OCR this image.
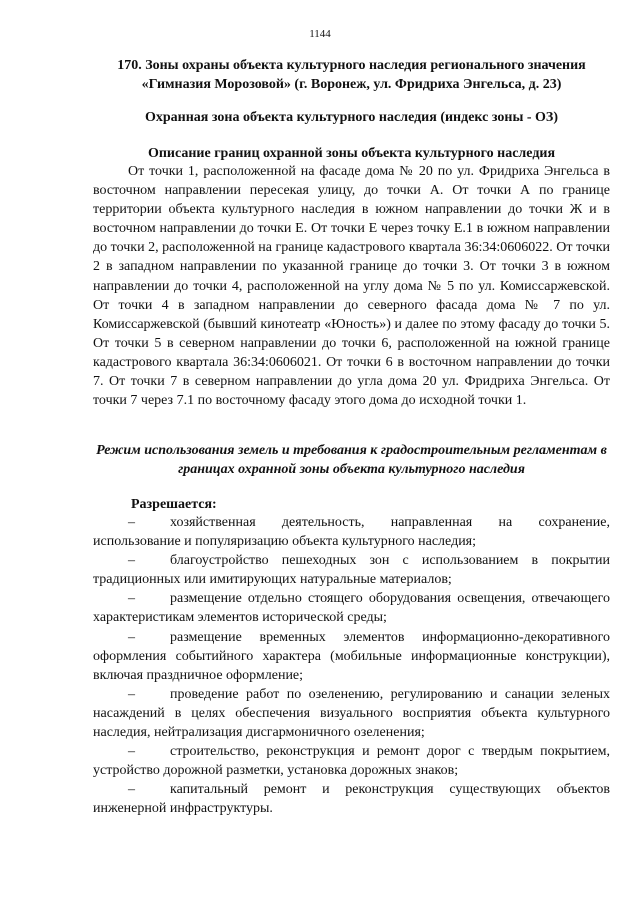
1144
170. Зоны охраны объекта культурного наследия регионального значения «Гимназия Морозовой» (г. Воронеж, ул. Фридриха Энгельса, д. 23)
Охранная зона объекта культурного наследия (индекс зоны - ОЗ)
Описание границ охранной зоны объекта культурного наследия

От точки 1, расположенной на фасаде дома № 20 по ул. Фридриха Энгельса в восточном направлении пересекая улицу, до точки А. От точки А по границе территории объекта культурного наследия в южном направлении до точки Ж и в восточном направлении до точки Е. От точки Е через точку Е.1 в южном направлении до точки 2, расположенной на границе кадастрового квартала 36:34:0606022. От точки 2 в западном направлении по указанной границе до точки 3. От точки 3 в южном направлении до точки 4, расположенной на углу дома № 5 по ул. Комиссаржевской. От точки 4 в западном направлении до северного фасада дома № 7 по ул. Комиссаржевской (бывший кинотеатр «Юность») и далее по этому фасаду до точки 5. От точки 5 в северном направлении до точки 6, расположенной на южной границе кадастрового квартала 36:34:0606021. От точки 6 в восточном направлении до точки 7. От точки 7 в северном направлении до угла дома 20 ул. Фридриха Энгельса. От точки 7 через 7.1 по восточному фасаду этого дома до исходной точки 1.

Режим использования земель и требования к градостроительным регламентам в границах охранной зоны объекта культурного наследия

Разрешается:

–	хозяйственная деятельность, направленная на сохранение, использование и популяризацию объекта культурного наследия;
–	благоустройство пешеходных зон с использованием в покрытии традиционных или имитирующих натуральные материалов;
–	размещение отдельно стоящего оборудования освещения, отвечающего характеристикам элементов исторической среды;
–	размещение временных элементов информационно-декоративного оформления событийного характера (мобильные информационные конструкции), включая праздничное оформление;
–	проведение работ по озеленению, регулированию и санации зеленых насаждений в целях обеспечения визуального восприятия объекта культурного наследия, нейтрализация дисгармоничного озеленения;
–	строительство, реконструкция и ремонт дорог с твердым покрытием, устройство дорожной разметки, установка дорожных знаков;
–	капитальный ремонт и реконструкция существующих объектов инженерной инфраструктуры.
